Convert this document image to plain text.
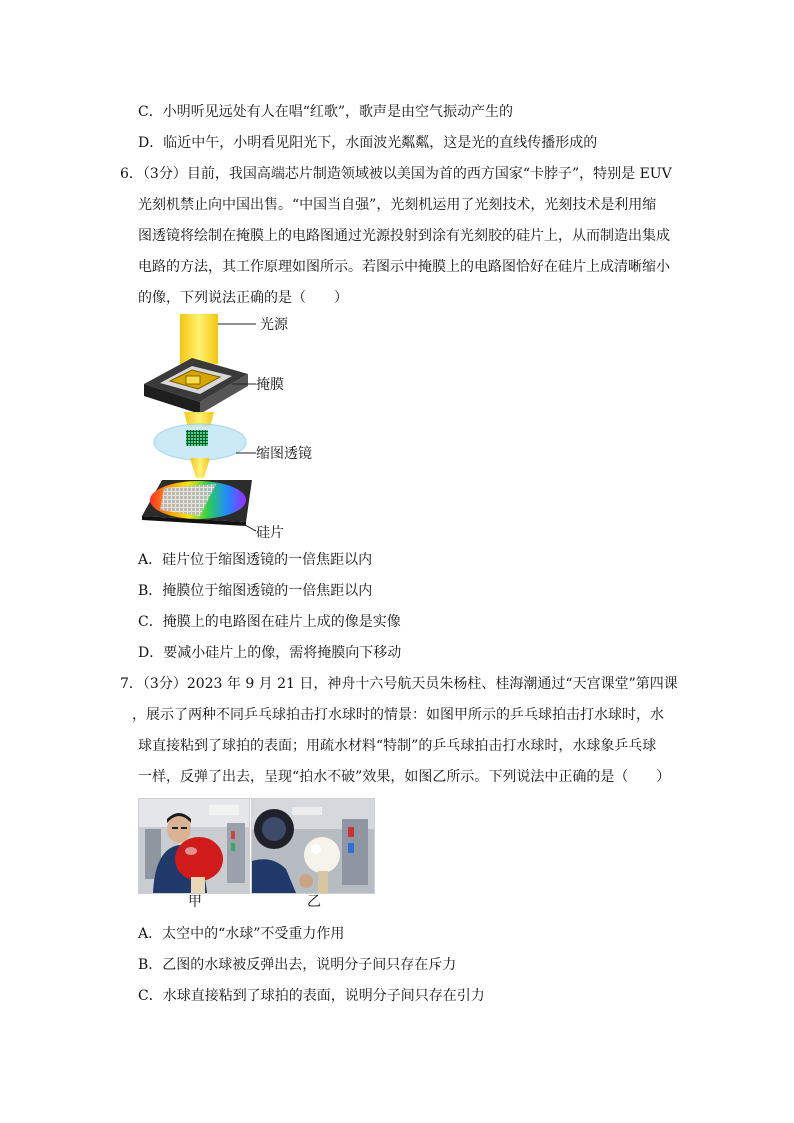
C．小明听见远处有人在唱“红歌”，歌声是由空气振动产生的
D．临近中午，小明看见阳光下，水面波光粼粼，这是光的直线传播形成的
6．（3分）目前，我国高端芯片制造领域被以美国为首的西方国家“卡脖子”，特别是 EUV
光刻机禁止向中国出售。“中国当自强”，光刻机运用了光刻技术，光刻技术是利用缩
图透镜将绘制在掩膜上的电路图通过光源投射到涂有光刻胶的硅片上，从而制造出集成
电路的方法，其工作原理如图所示。若图示中掩膜上的电路图恰好在硅片上成清晰缩小
的像，下列说法正确的是（　　）
光源
掩膜
缩图透镜
硅片
A．硅片位于缩图透镜的一倍焦距以内
B．掩膜位于缩图透镜的一倍焦距以内
C．掩膜上的电路图在硅片上成的像是实像
D．要减小硅片上的像，需将掩膜向下移动
7．（3分）2023 年 9 月 21 日，神舟十六号航天员朱杨柱、桂海潮通过“天宫课堂”第四课
，展示了两种不同乒乓球拍击打水球时的情景：如图甲所示的乒乓球拍击打水球时，水
球直接粘到了球拍的表面；用疏水材料“特制”的乒乓球拍击打水球时，水球象乒乓球
一样，反弹了出去，呈现“拍水不破”效果，如图乙所示。下列说法中正确的是（　　）
甲	乙
A．太空中的“水球”不受重力作用
B．乙图的水球被反弹出去，说明分子间只存在斥力
C．水球直接粘到了球拍的表面，说明分子间只存在引力
